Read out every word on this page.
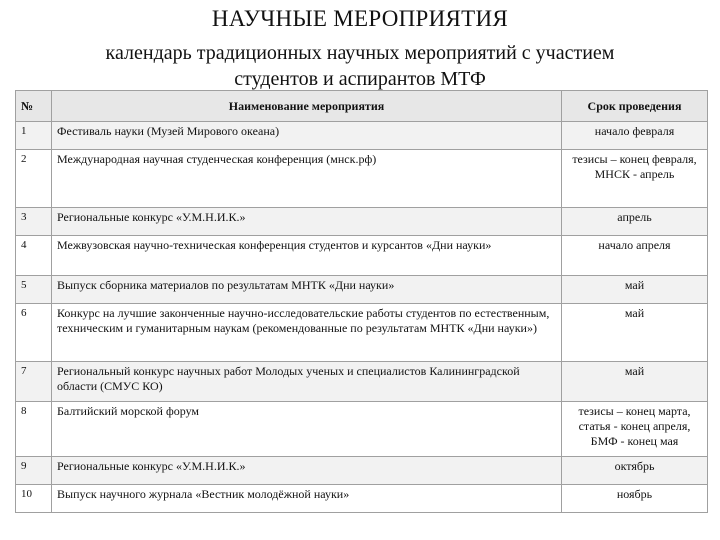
НАУЧНЫЕ МЕРОПРИЯТИЯ
календарь традиционных научных мероприятий с участием
студентов и аспирантов МТФ
№	Наименование мероприятия	Срок проведения
1	Фестиваль науки (Музей Мирового океана)	начало февраля
2	Международная научная студенческая конференция (мнск.рф)	тезисы – конец февраля, МНСК - апрель
3	Региональные конкурс «У.М.Н.И.К.»	апрель
4	Межвузовская научно-техническая конференция студентов и курсантов «Дни науки»	начало апреля
5	Выпуск сборника материалов по результатам МНТК «Дни науки»	май
6	Конкурс на лучшие законченные научно-исследовательские работы студентов по естественным, техническим и гуманитарным наукам (рекомендованные по результатам МНТК «Дни науки»)	май
7	Региональный конкурс научных работ Молодых ученых и специалистов Калининградской области (СМУС КО)	май
8	Балтийский морской форум	тезисы – конец марта, статья - конец апреля, БМФ - конец мая
9	Региональные конкурс «У.М.Н.И.К.»	октябрь
10	Выпуск научного журнала «Вестник молодёжной науки»	ноябрь
